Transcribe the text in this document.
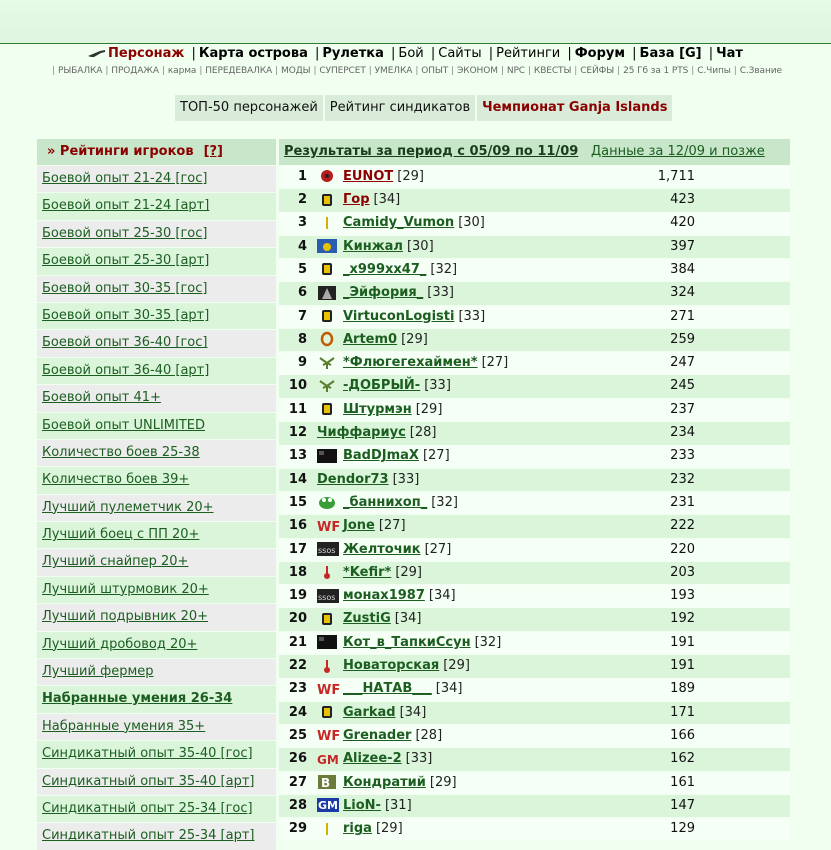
Персонаж | Карта острова | Рулетка | Бой | Сайты | Рейтинги | Форум | База [G] | Чат
| РЫБАЛКА | ПРОДАЖА | карма | ПЕРЕДЕВАЛКА | МОДЫ | СУПЕРСЕТ | УМЕЛКА | ОПЫТ | ЭКОНОМ | NPC | КВЕСТЫ | СЕЙФЫ | 25 Гб за 1 PTS | С.Чипы | С.Звание
ТОП-50 персонажей Рейтинг синдикатов Чемпионат Ganja Islands
» Рейтинги игроков [?]
Боевой опыт 21-24 [гос]
Боевой опыт 21-24 [арт]
Боевой опыт 25-30 [гос]
Боевой опыт 25-30 [арт]
Боевой опыт 30-35 [гос]
Боевой опыт 30-35 [арт]
Боевой опыт 36-40 [гос]
Боевой опыт 36-40 [арт]
Боевой опыт 41+
Боевой опыт UNLIMITED
Количество боев 25-38
Количество боев 39+
Лучший пулеметчик 20+
Лучший боец с ПП 20+
Лучший снайпер 20+
Лучший штурмовик 20+
Лучший подрывник 20+
Лучший дробовод 20+
Лучший фермер
Набранные умения 26-34
Набранные умения 35+
Синдикатный опыт 35-40 [гос]
Синдикатный опыт 35-40 [арт]
Синдикатный опыт 25-34 [гос]
Синдикатный опыт 25-34 [арт]
Результаты за период с 05/09 по 11/09 Данные за 12/09 и позже
1	EUNOT [29]	1,711
2	Гор [34]	423
3	Camidy_Vumon [30]	420
4	Кинжал [30]	397
5	_x999xx47_ [32]	384
6	_Эйфория_ [33]	324
7	VirtuconLogisti [33]	271
8	Artem0 [29]	259
9	*Флюгегехаймен* [27]	247
10	-ДОБРЫЙ- [33]	245
11	Штурмэн [29]	237
12 Чиффариус [28]	234
13	BadDJmaX [27]	233
14 Dendor73 [33]	232
15	_баннихоп_ [32]	231
16 WF Jone [27]	222
17	ssos Желточик [27]	220
18	*Kefir* [29]	203
19	ssos монах1987 [34]	193
20	ZustiG [34]	192
21	Кот_в_ТапкиСсун [32]	191
22	Новаторская [29]	191
23 WF ___НАТАВ___ [34]	189
24	Garkad [34]	171
25 WF Grenader [28]	166
26 GM Alizee-2 [33]	162
27	B Кондратий [29]	161
28	GM LioN- [31]	147
29	riga [29]	129
